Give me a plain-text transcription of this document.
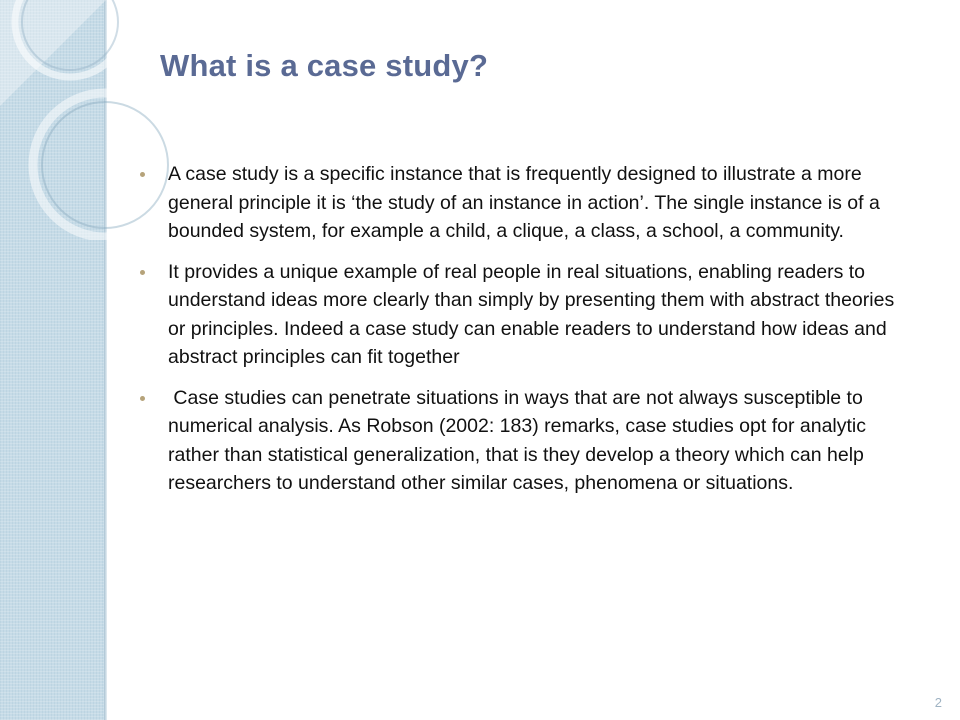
What is a case study?
A case study is a specific instance that is frequently designed to illustrate a more general principle it is ‘the study of an instance in action’. The single instance is of a bounded system, for example a child, a clique, a class, a school, a community.
It provides a unique example of real people in real situations, enabling readers to understand ideas more clearly than simply by presenting them with abstract theories or principles. Indeed a case study can enable readers to understand how ideas and abstract principles can fit together
Case studies can penetrate situations in ways that are not always susceptible to numerical analysis. As Robson (2002: 183) remarks, case studies opt for analytic rather than statistical generalization, that is they develop a theory which can help researchers to understand other similar cases, phenomena or situations.
2
